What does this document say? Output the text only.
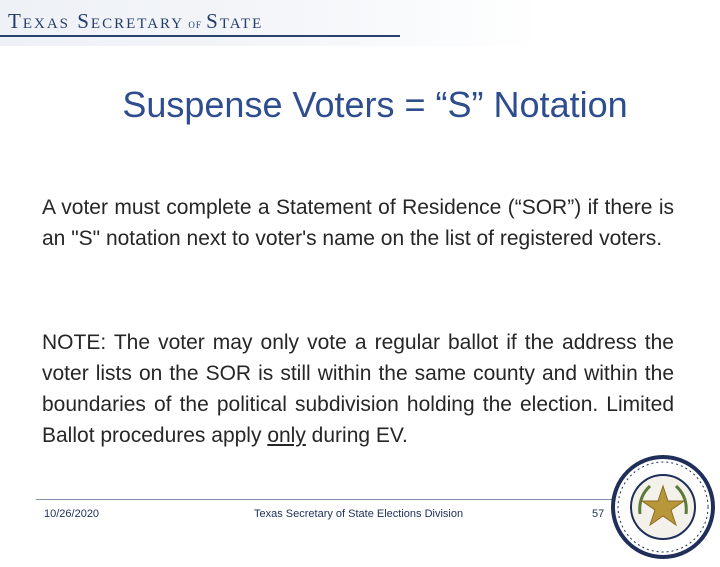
Texas Secretary of State
Suspense Voters = “S” Notation
A voter must complete a Statement of Residence (“SOR”) if there is an "S" notation next to voter's name on the list of registered voters.
NOTE: The voter may only vote a regular ballot if the address the voter lists on the SOR is still within the same county and within the boundaries of the political subdivision holding the election. Limited Ballot procedures apply only during EV.
10/26/2020	Texas Secretary of State Elections Division	57
